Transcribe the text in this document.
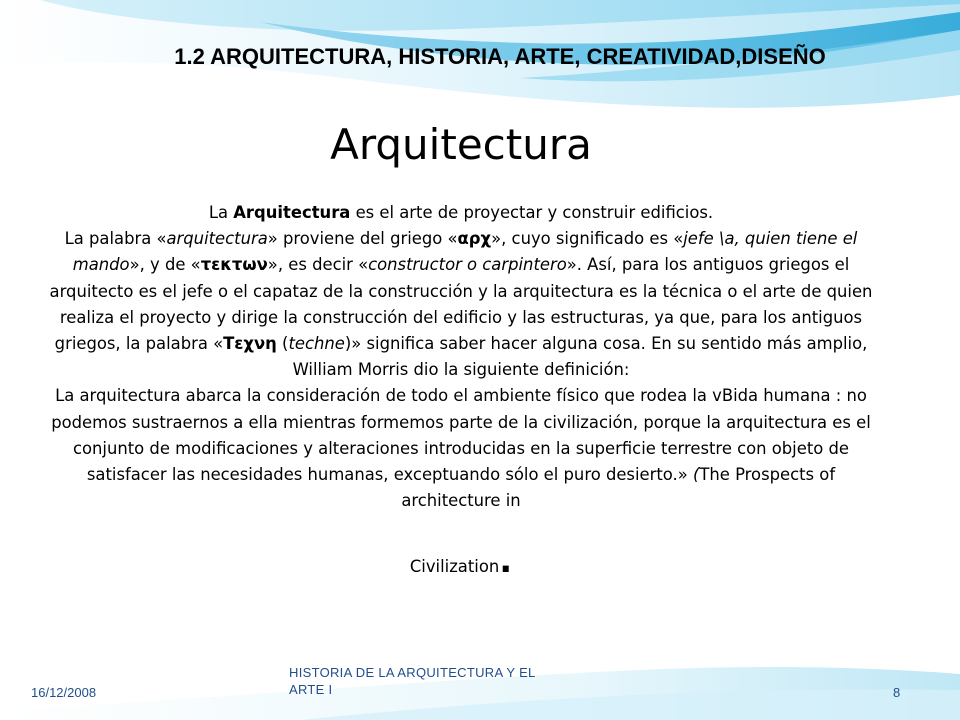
1.2 ARQUITECTURA, HISTORIA, ARTE, CREATIVIDAD,DISEÑO
Arquitectura

La Arquitectura es el arte de proyectar y construir edificios.

La palabra «arquitectura» proviene del griego «αρχ», cuyo significado es «jefe \a, quien tiene el mando», y de «τεκτων», es decir «constructor o carpintero». Así, para los antiguos griegos el arquitecto es el jefe o el capataz de la construcción y la arquitectura es la técnica o el arte de quien realiza el proyecto y dirige la construcción del edificio y las estructuras, ya que, para los antiguos griegos, la palabra «Τεχνη (techne)» significa saber hacer alguna cosa. En su sentido más amplio, William Morris dio la siguiente definición:

La arquitectura abarca la consideración de todo el ambiente físico que rodea la vBida humana : no podemos sustraernos a ella mientras formemos parte de la civilización, porque la arquitectura es el conjunto de modificaciones y alteraciones introducidas en la superficie terrestre con objeto de satisfacer las necesidades humanas, exceptuando sólo el puro desierto.» (The Prospects of architecture in

Civilization.
16/12/2008
HISTORIA DE LA ARQUITECTURA Y EL
ARTE I	8
